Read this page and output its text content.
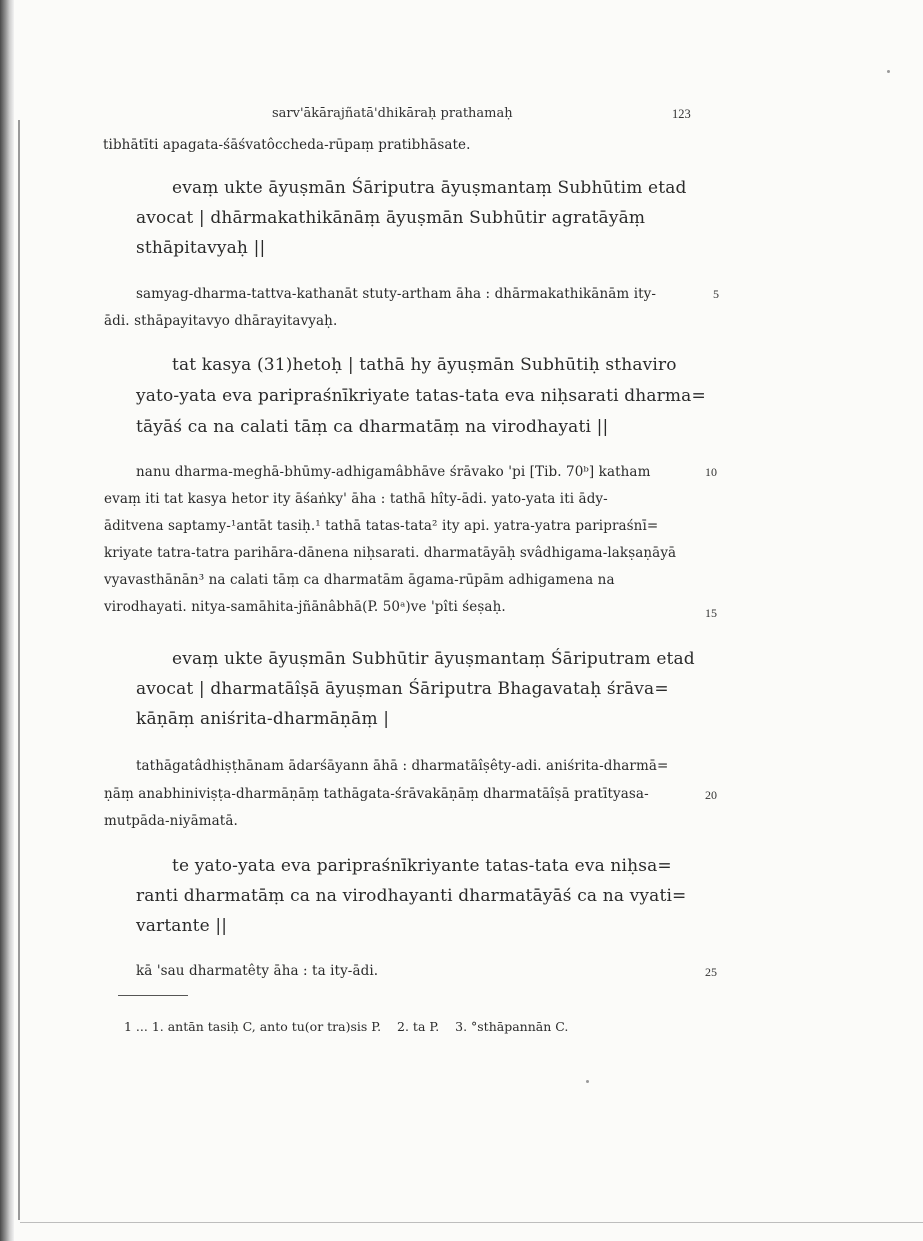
sarv'ākārajñatā'dhikāraḥ prathamaḥ	123
tibhātīti apagata-śāśvatôccheda-rūpaṃ pratibhāsate.
evaṃ ukte āyuṣmān Śāriputra āyuṣmantaṃ Subhūtim etad
avocat | dhārmakathikānāṃ āyuṣmān Subhūtir agratāyāṃ
sthāpitavyaḥ ||
samyag-dharma-tattva-kathanāt stuty-artham āha : dhārmakathikānām ity-	5
ādi. sthāpayitavyo dhārayitavyaḥ.
tat kasya (31)hetoḥ | tathā hy āyuṣmān Subhūtiḥ sthaviro
yato-yata eva paripraśnīkriyate tatas-tata eva niḥsarati dharma=
tāyāś ca na calati tāṃ ca dharmatāṃ na virodhayati ||
nanu dharma-meghā-bhūmy-adhigamâbhāve śrāvako 'pi [Tib. 70ᵇ] katham	10
evaṃ iti tat kasya hetor ity āśaṅky' āha : tathā hîty-ādi. yato-yata iti ādy-
āditvena saptamy-¹antāt tasiḥ.¹ tathā tatas-tata² ity api. yatra-yatra paripraśnī=
kriyate tatra-tatra parihāra-dānena niḥsarati. dharmatāyāḥ svâdhigama-lakṣaṇāyā
vyavasthānān³ na calati tāṃ ca dharmatām āgama-rūpām adhigamena na
virodhayati. nitya-samāhita-jñānâbhā(P. 50ᵃ)ve 'pîti śeṣaḥ.	15
evaṃ ukte āyuṣmān Subhūtir āyuṣmantaṃ Śāriputram etad
avocat | dharmatāîṣā āyuṣman Śāriputra Bhagavataḥ śrāva=
kāṇāṃ aniśrita-dharmāṇāṃ |
tathāgatâdhiṣṭhānam ādarśāyann āhā : dharmatāîṣêty-adi. aniśrita-dharmā=
ṇāṃ anabhiniviṣṭa-dharmāṇāṃ tathāgata-śrāvakāṇāṃ dharmatāîṣā pratītyasa-	20
mutpāda-niyāmatā.
te yato-yata eva paripraśnīkriyante tatas-tata eva niḥsa=
ranti dharmatāṃ ca na virodhayanti dharmatāyāś ca na vyati=
vartante ||
kā 'sau dharmatêty āha : ta ity-ādi.	25
1 ... 1. antān tasiḥ C, anto tu(or tra)sis P.    2. ta P.    3. °sthāpannān C.
